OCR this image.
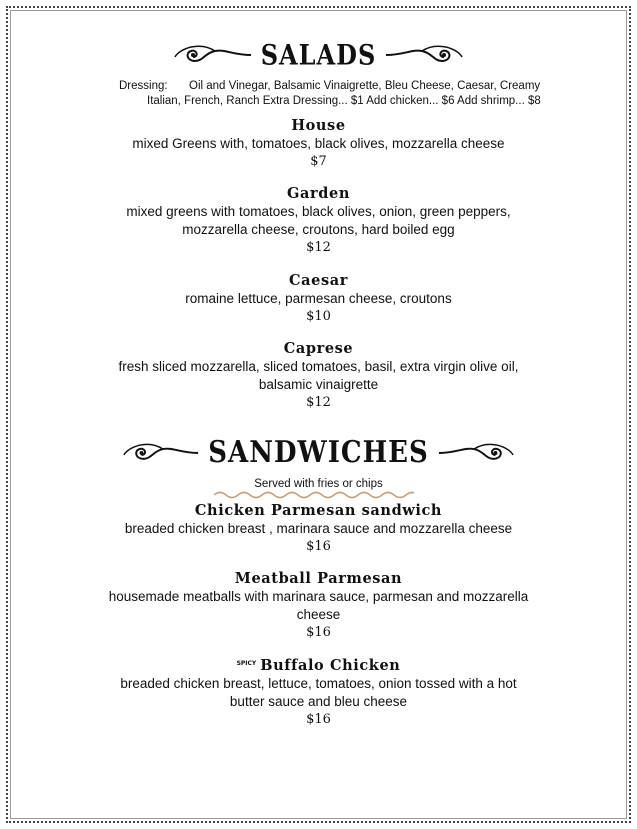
SALADS
Dressing: Oil and Vinegar, Balsamic Vinaigrette, Bleu Cheese, Caesar, Creamy
Italian, French, Ranch Extra Dressing... $1 Add chicken... $6 Add shrimp... $8
House
mixed Greens with, tomatoes, black olives, mozzarella cheese
$7
Garden
mixed greens with tomatoes, black olives, onion, green peppers,
mozzarella cheese, croutons, hard boiled egg
$12
Caesar
romaine lettuce, parmesan cheese, croutons
$10
Caprese
fresh sliced mozzarella, sliced tomatoes, basil, extra virgin olive oil,
balsamic vinaigrette
$12
SANDWICHES
Served with fries or chips
Chicken Parmesan sandwich
breaded chicken breast , marinara sauce and mozzarella cheese
$16
Meatball Parmesan
housemade meatballs with marinara sauce, parmesan and mozzarella
cheese
$16
$^{SPICY}$ Buffalo Chicken
breaded chicken breast, lettuce, tomatoes, onion tossed with a hot
butter sauce and bleu cheese
$16
